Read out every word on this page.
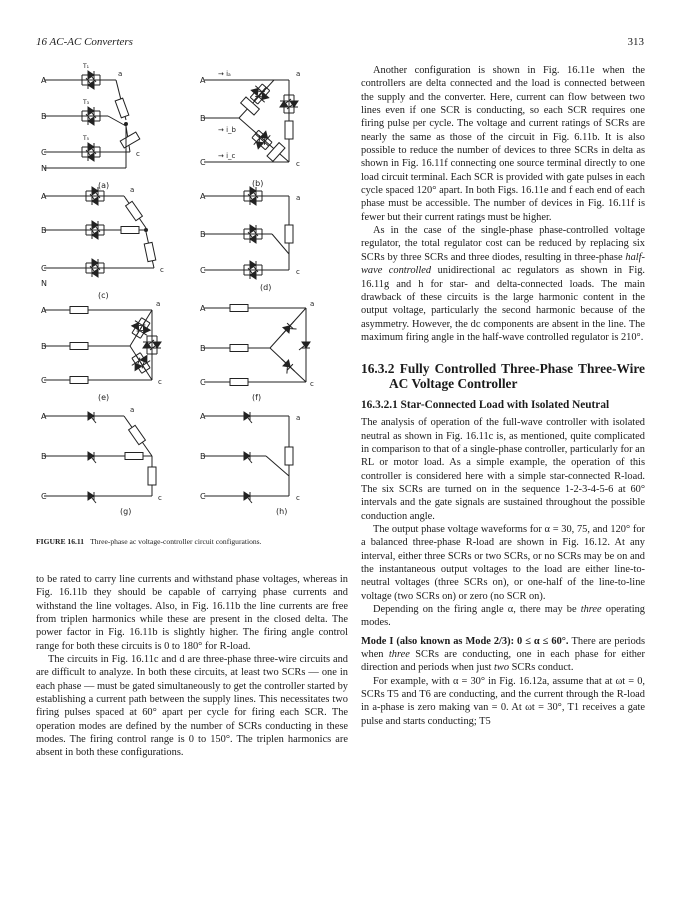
16 AC-AC Converters	313
A
B
C
N
a
c
T₁
T₃
T₅
A
B
C
→ iₐ
→ i_b
→ i_c
a
c
(a)	(b)
A
B
C
N
a
c
A
B
C
a
c
(c)
(d)
A
B
C
a
c
A
B
C
a
c
(e)	(f)
A
B
C
a
c
A
B
C
a
c
(g)	(h)
FIGURE 16.11 Three-phase ac voltage-controller circuit configurations.

to be rated to carry line currents and withstand phase voltages, whereas in Fig. 16.11b they should be capable of carrying phase currents and withstand the line voltages. Also, in Fig. 16.11b the line currents are free from triplen harmonics while these are present in the closed delta. The power factor in Fig. 16.11b is slightly higher. The firing angle control range for both these circuits is 0 to 180° for R-load.

The circuits in Fig. 16.11c and d are three-phase three-wire circuits and are difficult to analyze. In both these circuits, at least two SCRs — one in each phase — must be gated simultaneously to get the controller started by establishing a current path between the supply lines. This necessitates two firing pulses spaced at 60° apart per cycle for firing each SCR. The operation modes are defined by the number of SCRs conducting in these modes. The firing control range is 0 to 150°. The triplen harmonics are absent in both these configurations.

Another configuration is shown in Fig. 16.11e when the controllers are delta connected and the load is connected between the supply and the converter. Here, current can flow between two lines even if one SCR is conducting, so each SCR requires one firing pulse per cycle. The voltage and current ratings of SCRs are nearly the same as those of the circuit in Fig. 6.11b. It is also possible to reduce the number of devices to three SCRs in delta as shown in Fig. 16.11f connecting one source terminal directly to one load circuit terminal. Each SCR is provided with gate pulses in each cycle spaced 120° apart. In both Figs. 16.11e and f each end of each phase must be accessible. The number of devices in Fig. 16.11f is fewer but their current ratings must be higher.

As in the case of the single-phase phase-controlled voltage regulator, the total regulator cost can be reduced by replacing six SCRs by three SCRs and three diodes, resulting in three-phase half-wave controlled unidirectional ac regulators as shown in Fig. 16.11g and h for star- and delta-connected loads. The main drawback of these circuits is the large harmonic content in the output voltage, particularly the second harmonic because of the asymmetry. However, the dc components are absent in the line. The maximum firing angle in the half-wave controlled regulator is 210°.

16.3.2 Fully Controlled Three-Phase Three-Wire AC Voltage Controller
16.3.2.1 Star-Connected Load with Isolated Neutral

The analysis of operation of the full-wave controller with isolated neutral as shown in Fig. 16.11c is, as mentioned, quite complicated in comparison to that of a single-phase controller, particularly for an RL or motor load. As a simple example, the operation of this controller is considered here with a simple star-connected R-load. The six SCRs are turned on in the sequence 1-2-3-4-5-6 at 60° intervals and the gate signals are sustained throughout the possible conduction angle.

The output phase voltage waveforms for α = 30, 75, and 120° for a balanced three-phase R-load are shown in Fig. 16.12. At any interval, either three SCRs or two SCRs, or no SCRs may be on and the instantaneous output voltages to the load are either line-to-neutral voltages (three SCRs on), or one-half of the line-to-line voltage (two SCRs on) or zero (no SCR on).

Depending on the firing angle α, there may be three operating modes.

Mode I (also known as Mode 2/3): 0 ≤ α ≤ 60°. There are periods when three SCRs are conducting, one in each phase for either direction and periods when just two SCRs conduct.

For example, with α = 30° in Fig. 16.12a, assume that at ωt = 0, SCRs T5 and T6 are conducting, and the current through the R-load in a-phase is zero making van = 0. At ωt = 30°, T1 receives a gate pulse and starts conducting; T5
